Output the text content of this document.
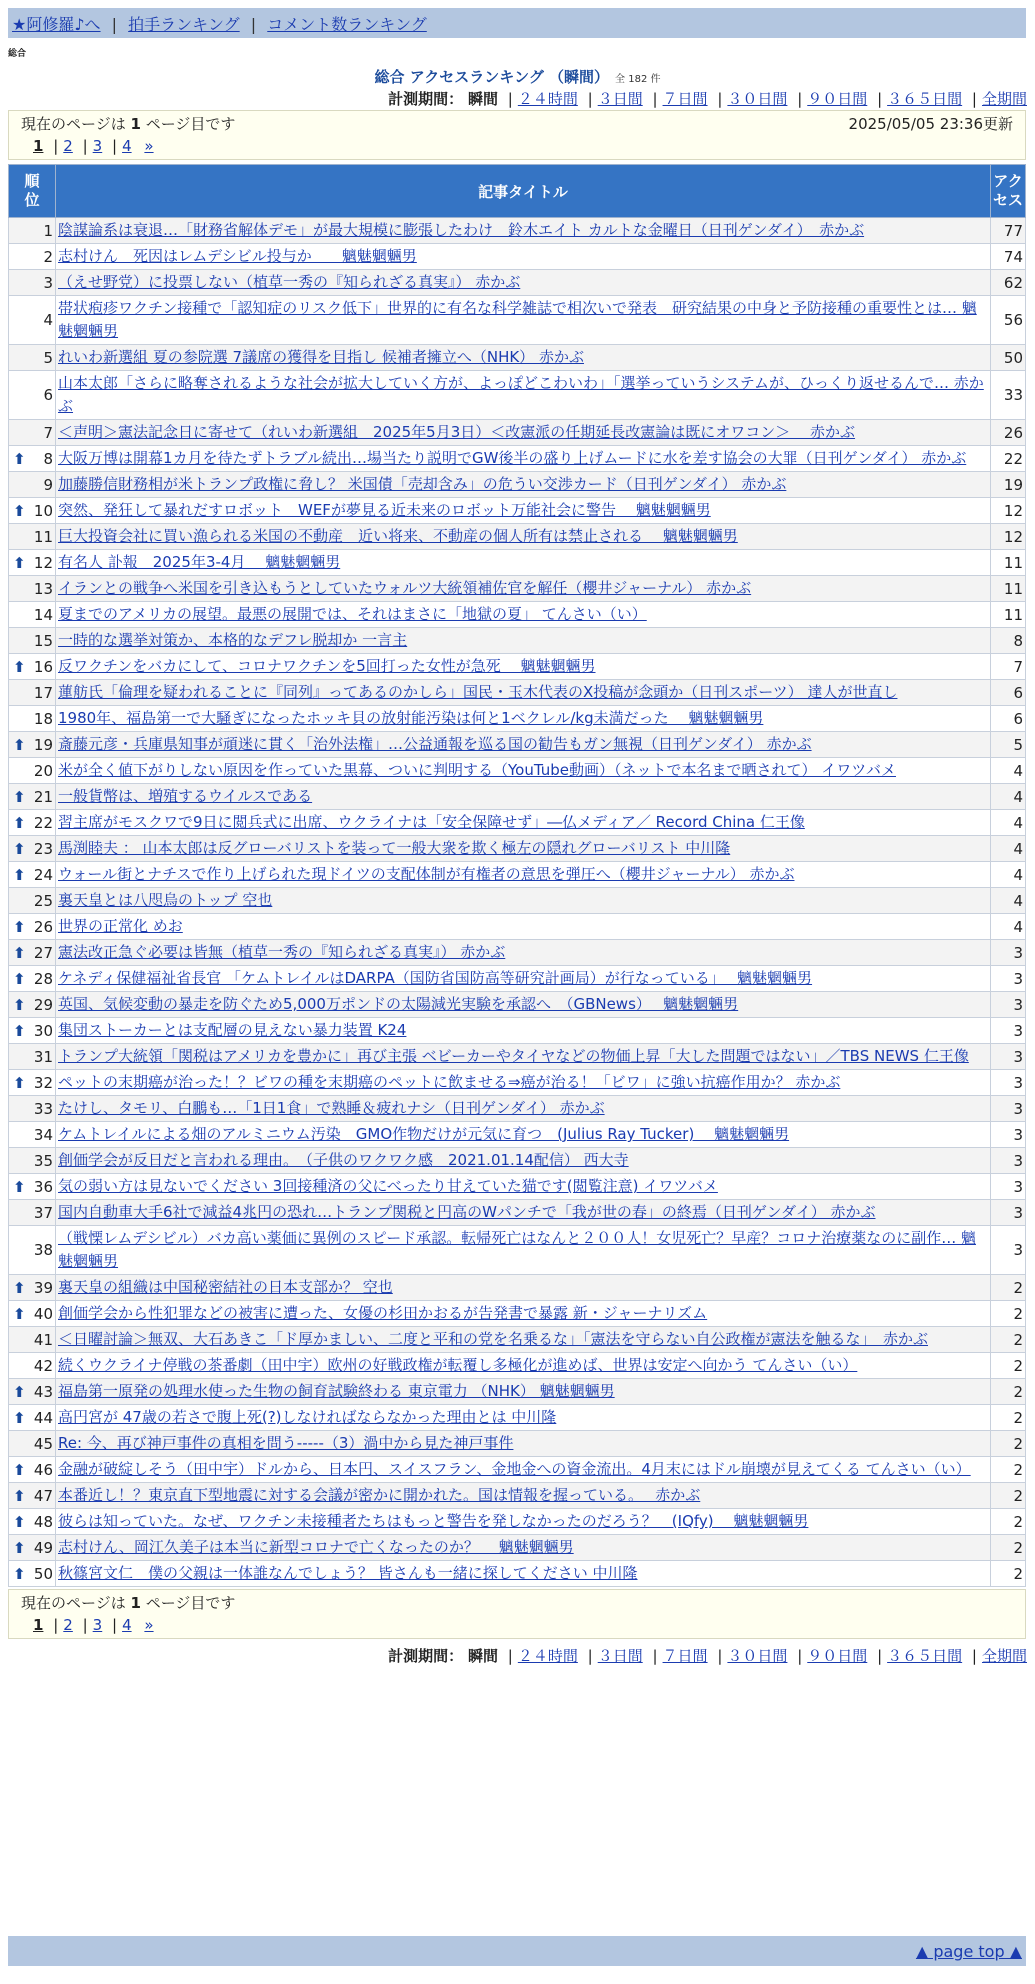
★阿修羅♪へ | 拍手ランキング | コメント数ランキング
総合
総合 アクセスランキング （瞬間） 全 182 件
計測期間： 瞬間 | ２４時間 | ３日間 | ７日間 | ３０日間 | ９０日間 | ３６５日間 | 全期間
現在のページは 1 ページ目です	2025/05/05 23:36更新
1 | 2 | 3 | 4 »
順位	記事タイトル	アクセス

1	陰謀論系は衰退…「財務省解体デモ」が最大規模に膨張したわけ　鈴木エイト カルトな金曜日（日刊ゲンダイ）　赤かぶ	77
2	志村けん　死因はレムデシビル投与か　　魑魅魍魎男	74
3	（えせ野党）に投票しない（植草一秀の『知られざる真実』） 赤かぶ	62
4	帯状疱疹ワクチン接種で「認知症のリスク低下」世界的に有名な科学雑誌で相次いで発表　研究結果の中身と予防接種の重要性とは… 魑魅魍魎男	56
5	れいわ新選組 夏の参院選 7議席の獲得を目指し 候補者擁立へ（NHK） 赤かぶ	50
6	山本太郎「さらに略奪されるような社会が拡大していく方が、よっぽどこわいわ」「選挙っていうシステムが、ひっくり返せるんで… 赤かぶ	33
7	＜声明＞憲法記念日に寄せて（れいわ新選組　2025年5月3日）＜改憲派の任期延長改憲論は既にオワコン＞　 赤かぶ	26

⬆ 8	大阪万博は開幕1カ月を待たずトラブル続出…場当たり説明でGW後半の盛り上げムードに水を差す協会の大罪（日刊ゲンダイ） 赤かぶ	22
9	加藤勝信財務相が米トランプ政権に脅し？ 米国債「売却含み」の危うい交渉カード（日刊ゲンダイ） 赤かぶ	19

⬆ 10	突然、発狂して暴れだすロボット　WEFが夢見る近未来のロボット万能社会に警告　 魑魅魍魎男	12
11	巨大投資会社に買い漁られる米国の不動産　近い将来、不動産の個人所有は禁止される　 魑魅魍魎男	12

⬆ 12	有名人 訃報　2025年3-4月　 魑魅魍魎男	11
13	イランとの戦争へ米国を引き込もうとしていたウォルツ大統領補佐官を解任（櫻井ジャーナル） 赤かぶ	11
14	夏までのアメリカの展望。最悪の展開では、それはまさに「地獄の夏」 てんさい（い）	11
15	一時的な選挙対策か、本格的なデフレ脱却か 一言主	8

⬆ 16	反ワクチンをバカにして、コロナワクチンを5回打った女性が急死　 魑魅魍魎男	7
17	蓮舫氏「倫理を疑われることに『同列』ってあるのかしら」国民・玉木代表のX投稿が念頭か（日刊スポーツ） 達人が世直し	6
18	1980年、福島第一で大騒ぎになったホッキ貝の放射能汚染は何と1ベクレル/kg未満だった　 魑魅魍魎男	6

⬆ 19	斎藤元彦・兵庫県知事が頑迷に貫く「治外法権」…公益通報を巡る国の勧告もガン無視（日刊ゲンダイ） 赤かぶ	5
20	米が全く値下がりしない原因を作っていた黒幕、ついに判明する（YouTube動画）（ネットで本名まで晒されて） イワツバメ	4

⬆ 21	一般貨幣は、増殖するウイルスである	4

⬆ 22	習主席がモスクワで9日に閲兵式に出席、ウクライナは「安全保障せず」―仏メディア／ Record China 仁王像	4

⬆ 23	馬渕睦夫 ： 山本太郎は反グローバリストを装って一般大衆を欺く極左の隠れグローバリスト 中川隆	4

⬆ 24	ウォール街とナチスで作り上げられた現ドイツの支配体制が有権者の意思を弾圧へ（櫻井ジャーナル） 赤かぶ	4
25	裏天皇とは八咫烏のトップ 空也	4

⬆ 26	世界の正常化 めお	4

⬆ 27	憲法改正急ぐ必要は皆無（植草一秀の『知られざる真実』） 赤かぶ	3

⬆ 28	ケネディ保健福祉省長官 「ケムトレイルはDARPA（国防省国防高等研究計画局）が行なっている」　 魑魅魍魎男	3

⬆ 29	英国、気候変動の暴走を防ぐため5,000万ポンドの太陽減光実験を承認へ　（GBNews）　 魑魅魍魎男	3

⬆ 30	集団ストーカーとは支配層の見えない暴力装置 K24	3
31	トランプ大統領「関税はアメリカを豊かに」再び主張 ベビーカーやタイヤなどの物価上昇「大した問題ではない」／TBS NEWS 仁王像	3

⬆ 32	ペットの末期癌が治った！？ビワの種を末期癌のペットに飲ませる⇒癌が治る！「ビワ」に強い抗癌作用か？ 赤かぶ	3
33	たけし、タモリ、白鵬も…「1日1食」で熟睡＆疲れナシ（日刊ゲンダイ） 赤かぶ	3
34	ケムトレイルによる畑のアルミニウム汚染　GMO作物だけが元気に育つ　(Julius Ray Tucker)　 魑魅魍魎男	3
35	創価学会が反日だと言われる理由。　（子供のワクワク感　2021.01.14配信） 西大寺	3

⬆ 36	気の弱い方は見ないでください 3回接種済の父にべったり甘えていた猫です(閲覧注意) イワツバメ	3
37	国内自動車大手6社で減益4兆円の恐れ…トランプ関税と円高のWパンチで「我が世の春」の終焉（日刊ゲンダイ） 赤かぶ	3
38	（戦慄レムデシビル）バカ高い薬価に異例のスピード承認。転帰死亡はなんと２００人！女児死亡？早産？コロナ治療薬なのに副作… 魑魅魍魎男	3

⬆ 39	裏天皇の組織は中国秘密結社の日本支部か？ 空也	2

⬆ 40	創価学会から性犯罪などの被害に遭った、女優の杉田かおるが告発書で暴露 新・ジャーナリズム	2
41	＜日曜討論＞無双、大石あきこ「ド厚かましい、二度と平和の党を名乗るな」「憲法を守らない自公政権が憲法を触るな」　赤かぶ	2
42	続くウクライナ停戦の茶番劇（田中宇）欧州の好戦政権が転覆し多極化が進めば、世界は安定へ向かう てんさい（い）	2

⬆ 43	福島第一原発の処理水使った生物の飼育試験終わる 東京電力 （NHK） 魑魅魍魎男	2

⬆ 44	高円宮が 47歳の若さで腹上死(?)しなければならなかった理由とは 中川隆	2
45	Re: 今、再び神戸事件の真相を問う-----（3）渦中から見た神戸事件	2

⬆ 46	金融が破綻しそう（田中宇）ドルから、日本円、スイスフラン、金地金への資金流出。4月末にはドル崩壊が見えてくる てんさい（い）	2

⬆ 47	本番近し！？東京直下型地震に対する会議が密かに開かれた。国は情報を握っている。　 赤かぶ	2

⬆ 48	彼らは知っていた。なぜ、ワクチン未接種者たちはもっと警告を発しなかったのだろう？　(IQfy)　 魑魅魍魎男	2

⬆ 49	志村けん、岡江久美子は本当に新型コロナで亡くなったのか？　 魑魅魍魎男	2

⬆ 50	秋篠宮文仁　僕の父親は一体誰なんでしょう？ 皆さんも一緒に探してください 中川隆	2
現在のページは 1 ページ目です
1 | 2 | 3 | 4 »
計測期間： 瞬間 | ２４時間 | ３日間 | ７日間 | ３０日間 | ９０日間 | ３６５日間 | 全期間
▲ page top ▲
